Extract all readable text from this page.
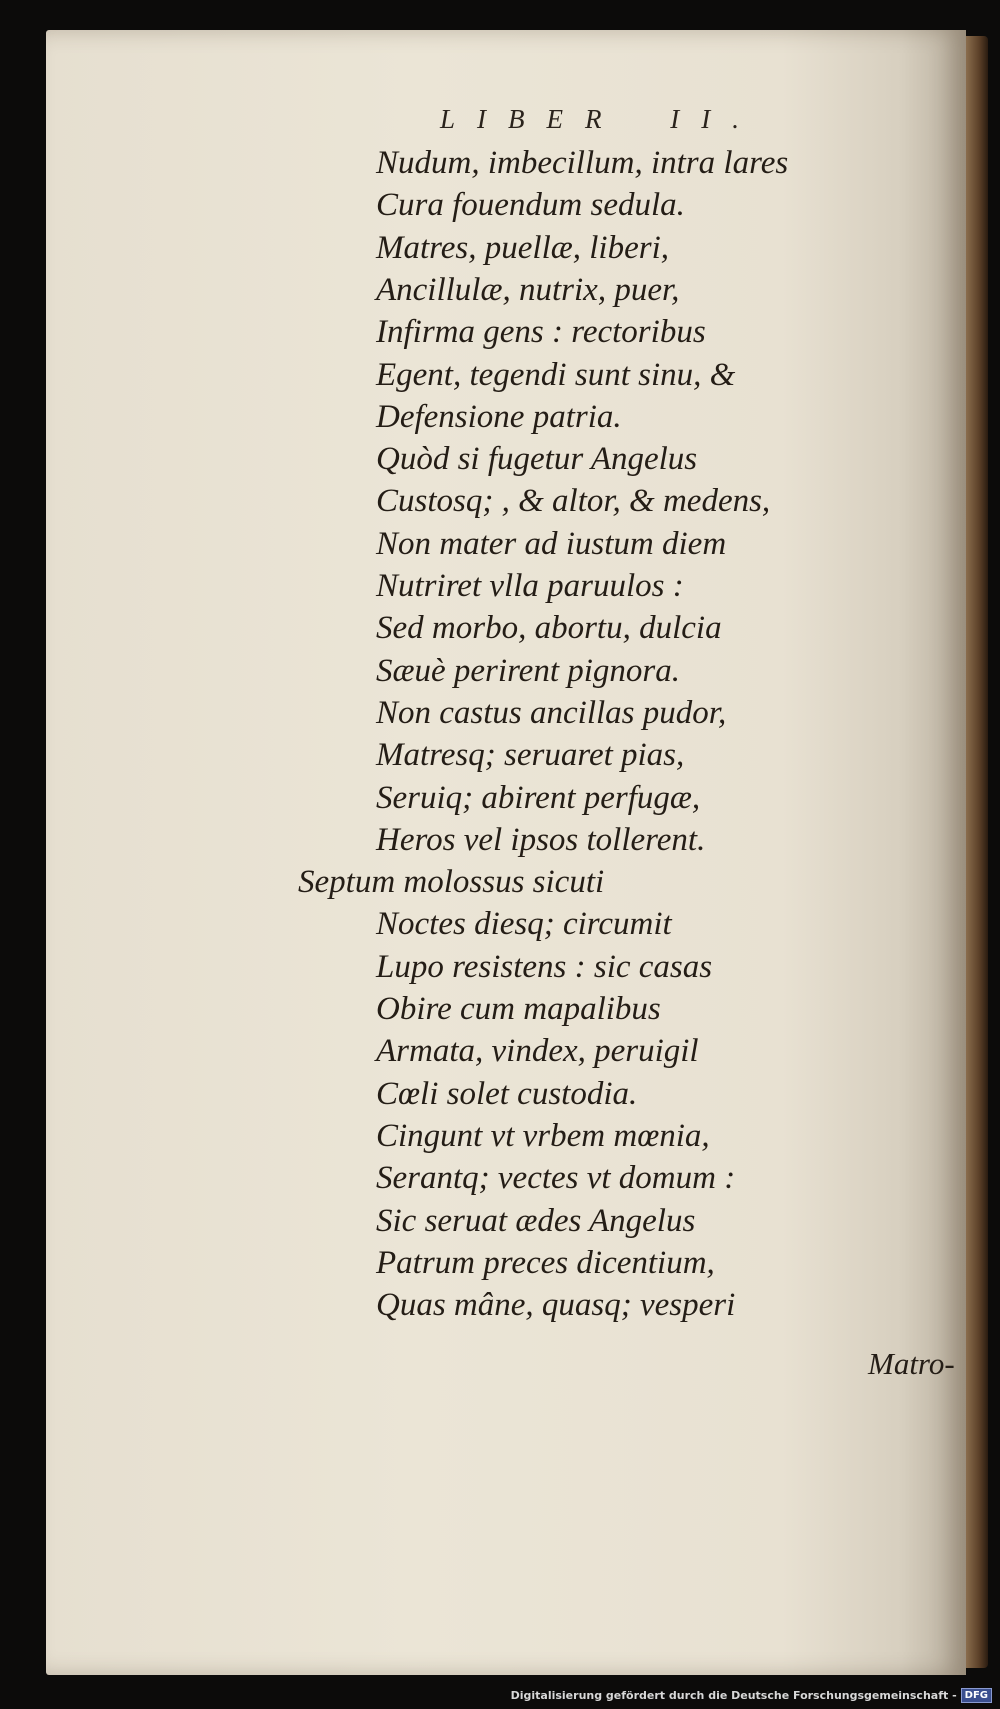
LIBER II.
Nudum, imbecillum, intra lares
Cura fouendum sedula.
Matres, puellæ, liberi,
Ancillulæ, nutrix, puer,
Infirma gens : rectoribus
Egent, tegendi sunt sinu, &
Defensione patria.
Quòd si fugetur Angelus
Custosq; , & altor, & medens,
Non mater ad iustum diem
Nutriret vlla paruulos :
Sed morbo, abortu, dulcia
Sæuè perirent pignora.
Non castus ancillas pudor,
Matresq; seruaret pias,
Seruiq; abirent perfugæ,
Heros vel ipsos tollerent.
Septum molossus sicuti
Noctes diesq; circumit
Lupo resistens : sic casas
Obire cum mapalibus
Armata, vindex, peruigil
Cœli solet custodia.
Cingunt vt vrbem mœnia,
Serantq; vectes vt domum :
Sic seruat ædes Angelus
Patrum preces dicentium,
Quas mâne, quasq; vesperi
Matro-
Digitalisierung gefördert durch die Deutsche Forschungsgemeinschaft - DFG
